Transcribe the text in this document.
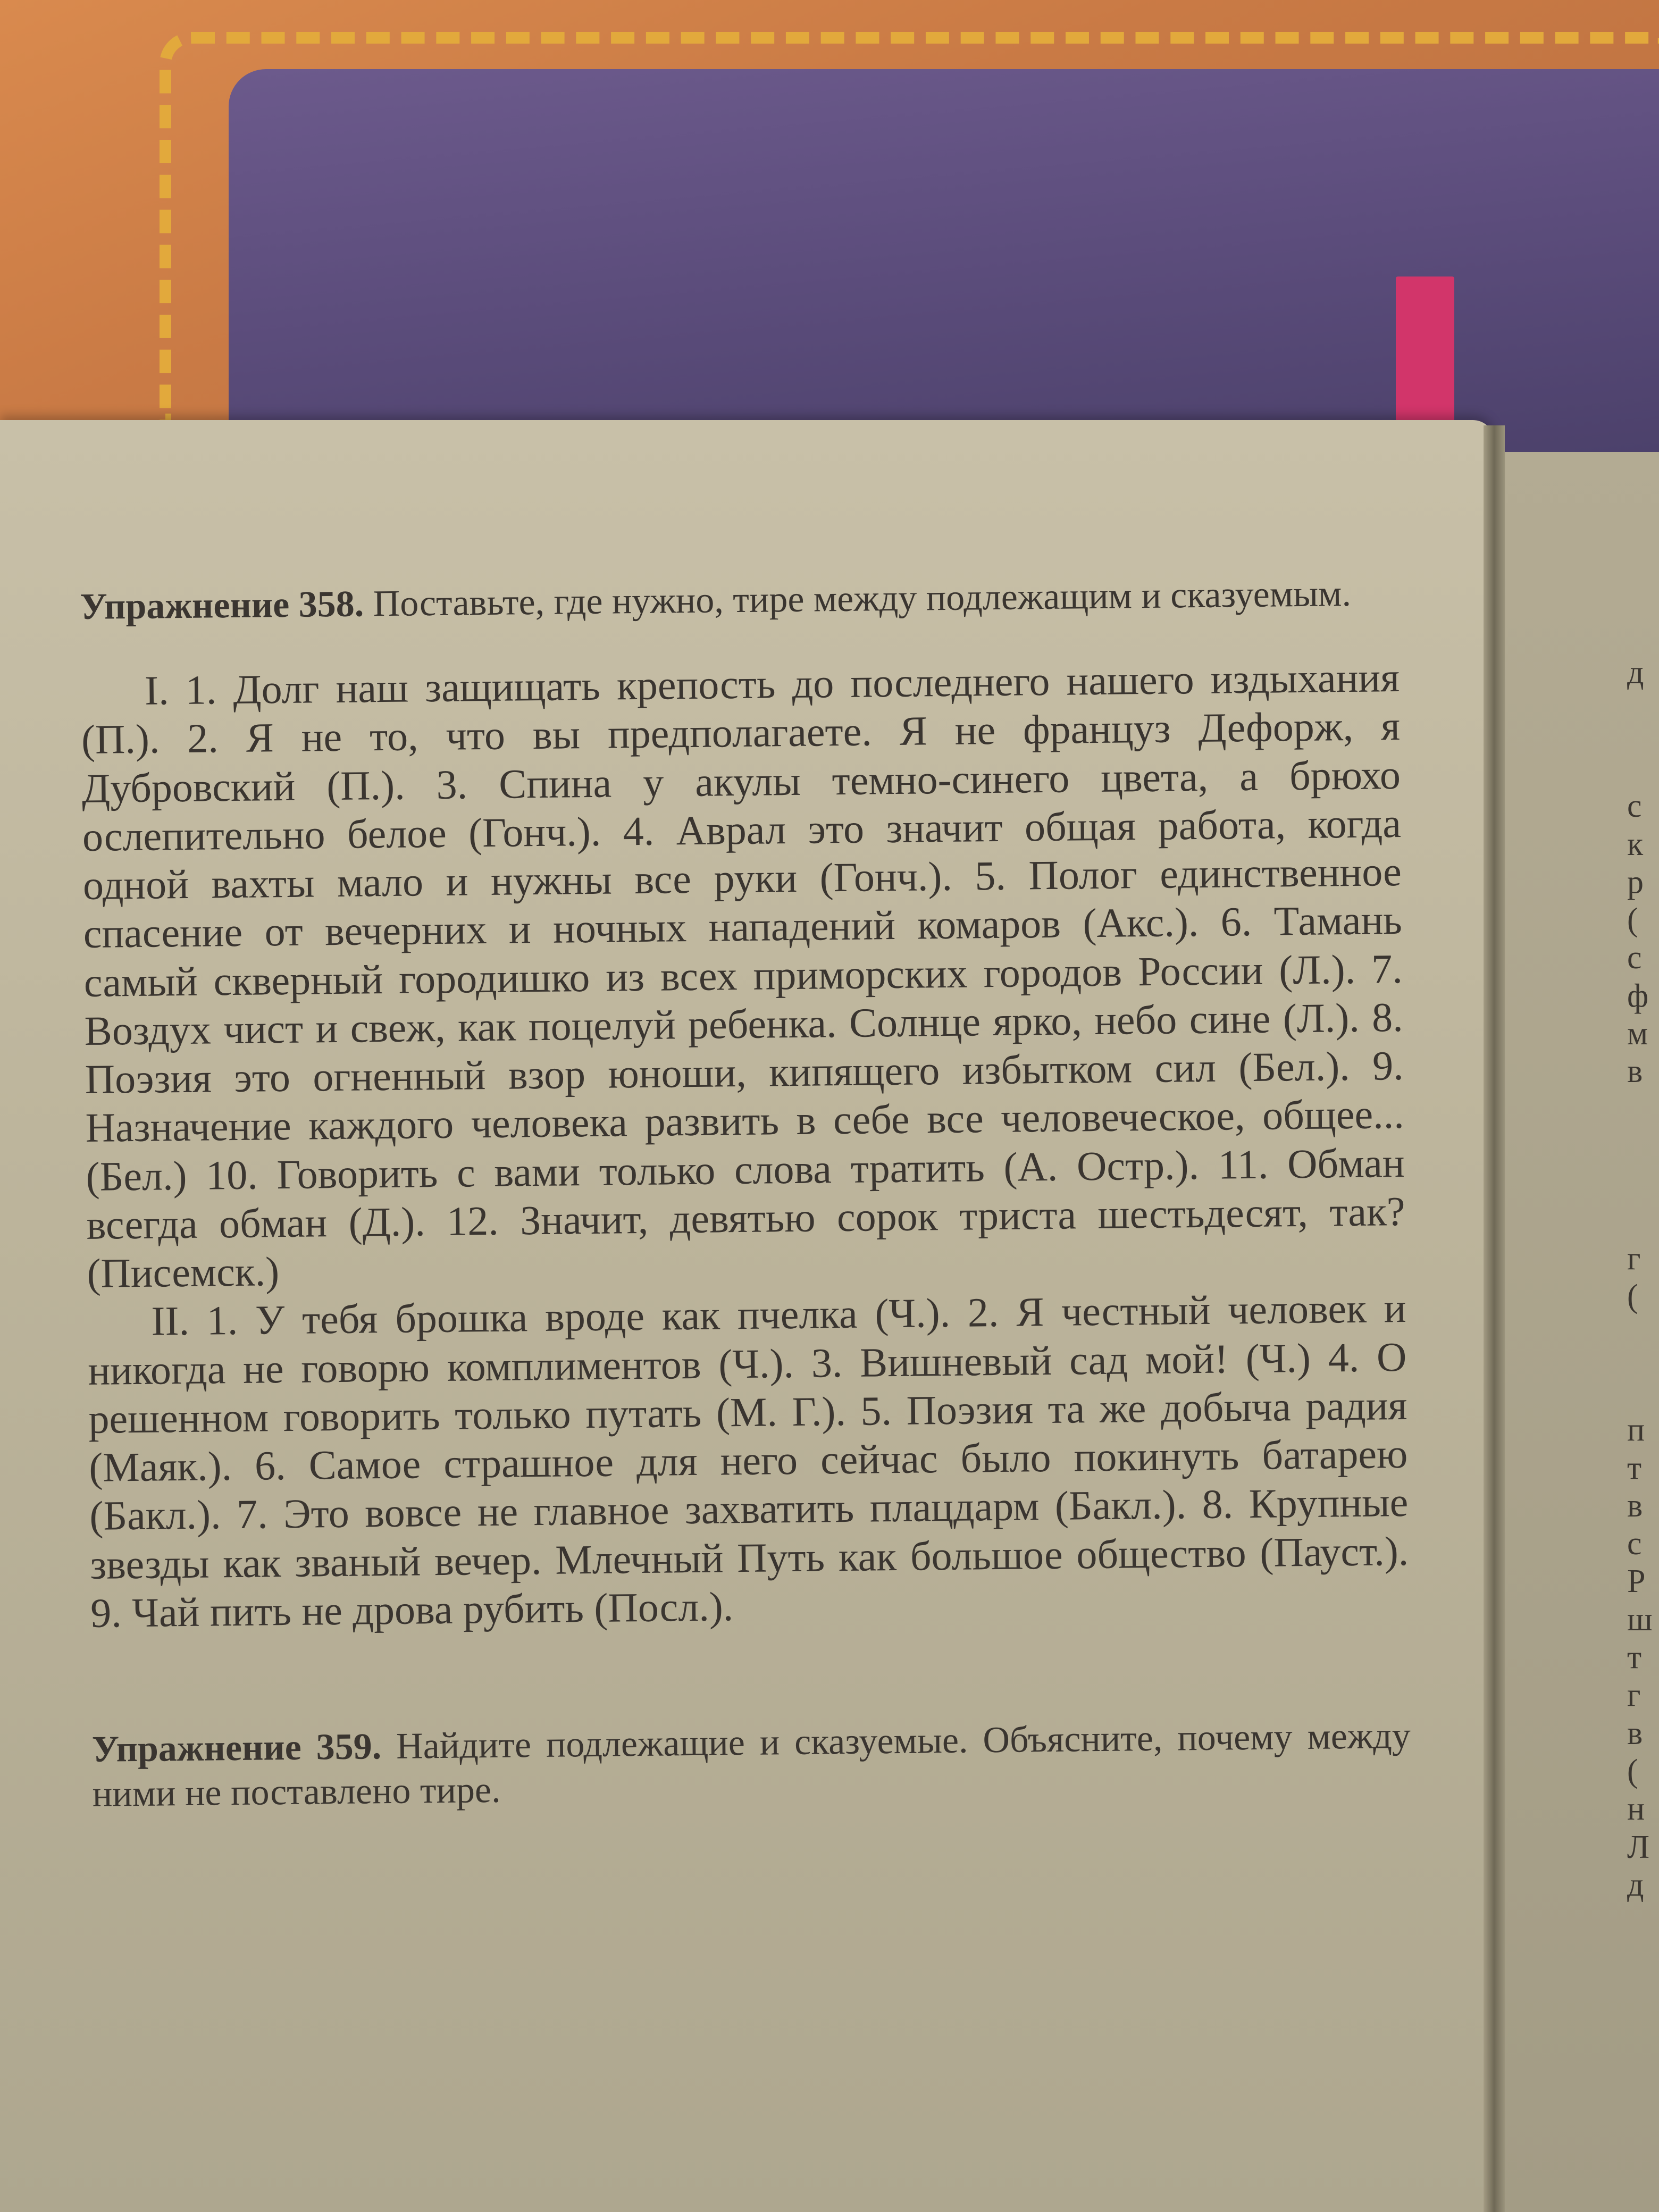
Упражнение 358. Поставьте, где нужно, тире между подлежащим и сказуемым.

I. 1. Долг наш защищать крепость до последнего нашего издыхания (П.). 2. Я не то, что вы предполагаете. Я не француз Дефорж, я Дубровский (П.). 3. Спина у акулы темно-синего цвета, а брюхо ослепительно белое (Гонч.). 4. Аврал это значит общая работа, когда одной вахты мало и нужны все руки (Гонч.). 5. Полог единственное спасение от вечерних и ночных нападений комаров (Акс.). 6. Тамань самый скверный городишко из всех приморских городов России (Л.). 7. Воздух чист и свеж, как поцелуй ребенка. Солнце ярко, небо сине (Л.). 8. Поэзия это огненный взор юноши, кипящего избытком сил (Бел.). 9. Назначение каждого человека развить в себе все человеческое, общее... (Бел.) 10. Говорить с вами только слова тратить (А. Остр.). 11. Обман всегда обман (Д.). 12. Значит, девятью сорок триста шестьдесят, так? (Писемск.)

II. 1. У тебя брошка вроде как пчелка (Ч.). 2. Я честный человек и никогда не говорю комплиментов (Ч.). 3. Вишневый сад мой! (Ч.) 4. О решенном говорить только путать (М. Г.). 5. Поэзия та же добыча радия (Маяк.). 6. Самое страшное для него сейчас было покинуть батарею (Бакл.). 7. Это вовсе не главное захватить плацдарм (Бакл.). 8. Крупные звезды как званый вечер. Млечный Путь как большое общество (Пауст.). 9. Чай пить не дрова рубить (Посл.).

Упражнение 359. Найдите подлежащие и сказуемые. Объясните, почему между ними не поставлено тире.

д
с
к
р
(
с
ф
м
в
г
(
п
т
в
с
Р
ш
т
г
в
(
н
Л
д
